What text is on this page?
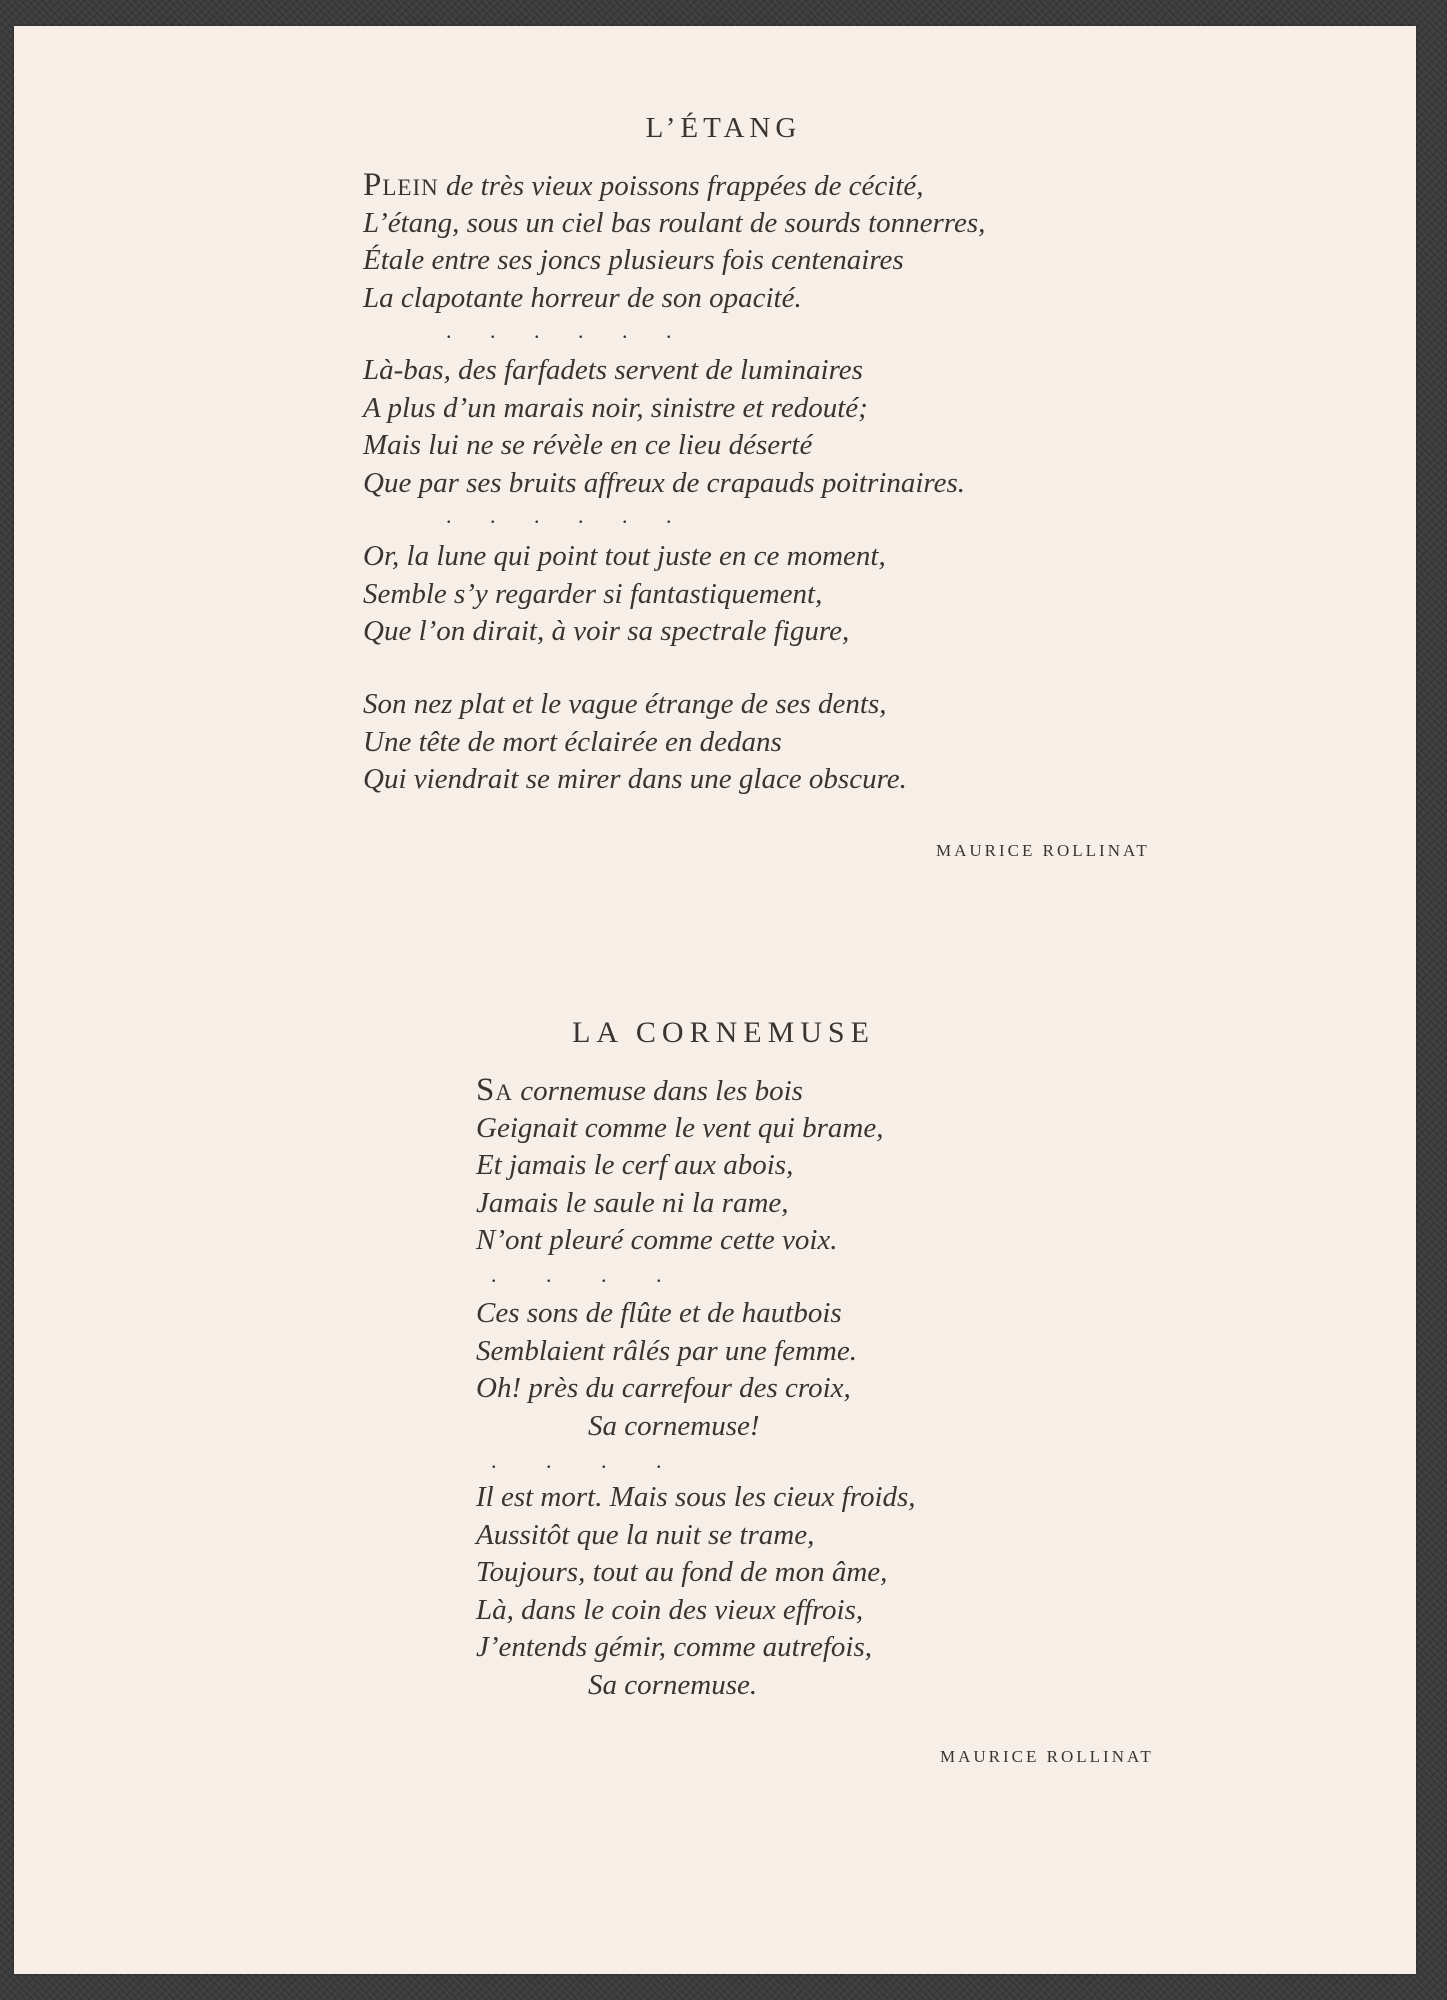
L’ÉTANG
PLEIN de très vieux poissons frappées de cécité,
L’étang, sous un ciel bas roulant de sourds tonnerres,
Étale entre ses joncs plusieurs fois centenaires
La clapotante horreur de son opacité.
.       .       .       .       .       .
Là-bas, des farfadets servent de luminaires
A plus d’un marais noir, sinistre et redouté;
Mais lui ne se révèle en ce lieu déserté
Que par ses bruits affreux de crapauds poitrinaires.
.       .       .       .       .       .
Or, la lune qui point tout juste en ce moment,
Semble s’y regarder si fantastiquement,
Que l’on dirait, à voir sa spectrale figure,
Son nez plat et le vague étrange de ses dents,
Une tête de mort éclairée en dedans
Qui viendrait se mirer dans une glace obscure.
MAURICE ROLLINAT
LA CORNEMUSE
SA cornemuse dans les bois
Geignait comme le vent qui brame,
Et jamais le cerf aux abois,
Jamais le saule ni la rame,
N’ont pleuré comme cette voix.
.         .         .         .
Ces sons de flûte et de hautbois
Semblaient râlés par une femme.
Oh! près du carrefour des croix,
Sa cornemuse!
.         .         .         .
Il est mort. Mais sous les cieux froids,
Aussitôt que la nuit se trame,
Toujours, tout au fond de mon âme,
Là, dans le coin des vieux effrois,
J’entends gémir, comme autrefois,
Sa cornemuse.
MAURICE ROLLINAT
